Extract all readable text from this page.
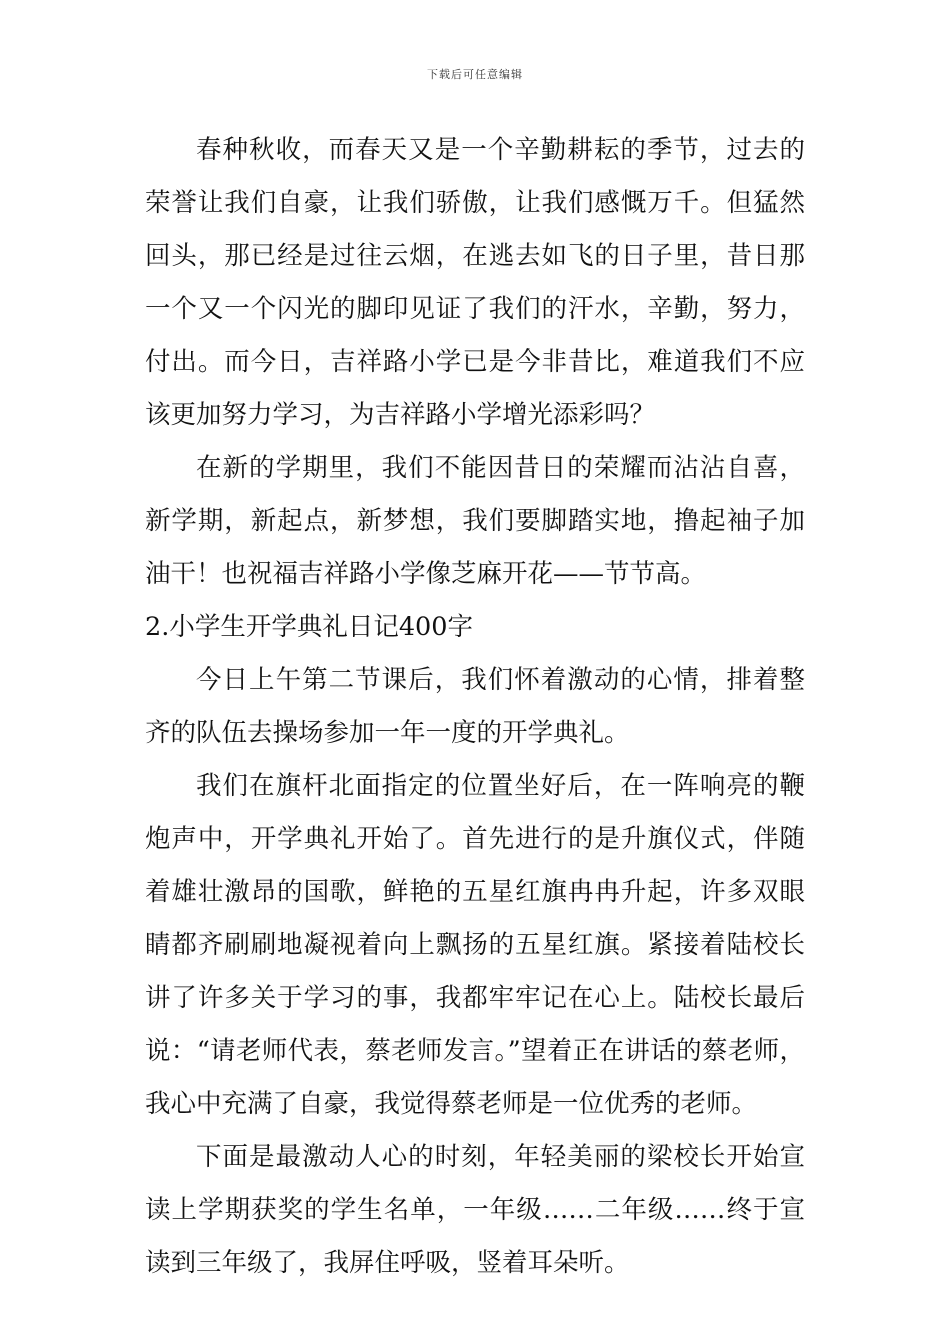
下载后可任意编辑

春种秋收，而春天又是一个辛勤耕耘的季节，过去的荣誉让我们自豪，让我们骄傲，让我们感慨万千。但猛然回头，那已经是过往云烟，在逃去如飞的日子里，昔日那一个又一个闪光的脚印见证了我们的汗水，辛勤，努力，付出。而今日，吉祥路小学已是今非昔比，难道我们不应该更加努力学习，为吉祥路小学增光添彩吗？

在新的学期里，我们不能因昔日的荣耀而沾沾自喜，新学期，新起点，新梦想，我们要脚踏实地，撸起袖子加油干！也祝福吉祥路小学像芝麻开花——节节高。

2.小学生开学典礼日记400字

今日上午第二节课后，我们怀着激动的心情，排着整齐的队伍去操场参加一年一度的开学典礼。

我们在旗杆北面指定的位置坐好后，在一阵响亮的鞭炮声中，开学典礼开始了。首先进行的是升旗仪式，伴随着雄壮激昂的国歌，鲜艳的五星红旗冉冉升起，许多双眼睛都齐刷刷地凝视着向上飘扬的五星红旗。紧接着陆校长讲了许多关于学习的事，我都牢牢记在心上。陆校长最后说：“请老师代表，蔡老师发言。”望着正在讲话的蔡老师，我心中充满了自豪，我觉得蔡老师是一位优秀的老师。

下面是最激动人心的时刻，年轻美丽的梁校长开始宣读上学期获奖的学生名单，一年级……二年级……终于宣读到三年级了，我屏住呼吸，竖着耳朵听。
